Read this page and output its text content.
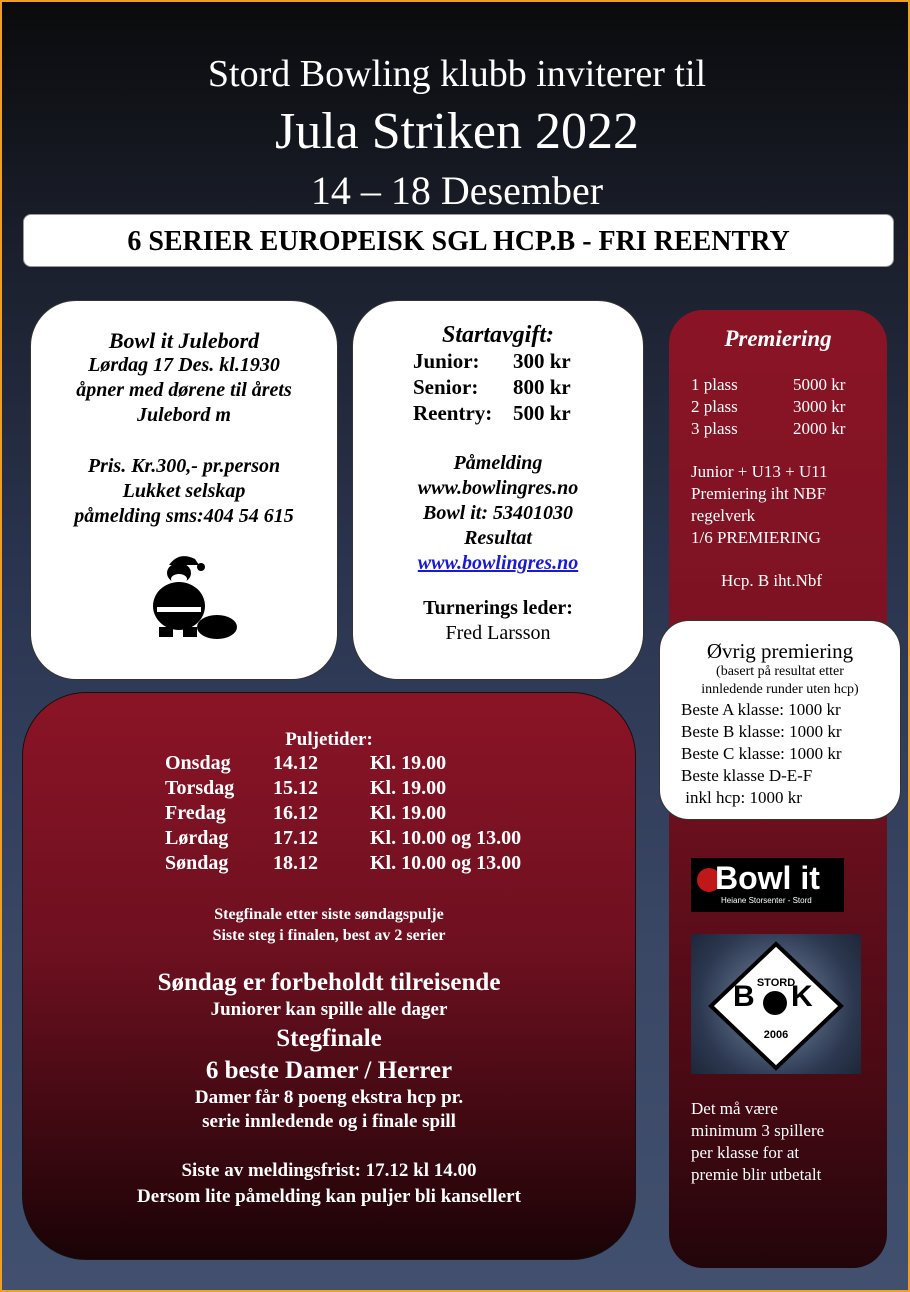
Stord Bowling klubb inviterer til
Jula Striken 2022
14 – 18 Desember
6 SERIER EUROPEISK SGL HCP.B - FRI REENTRY
Bowl it Julebord
Lørdag 17 Des. kl.1930
åpner med dørene til årets
Julebord m
Pris. Kr.300,- pr.person
Lukket selskap
påmelding sms:404 54 615
Startavgift:
Junior:	300 kr
Senior:	800 kr
Reentry: 500 kr
Påmelding
www.bowlingres.no
Bowl it: 53401030
Resultat
www.bowlingres.no
Turnerings leder:
Fred Larsson
Premiering
1 plass	5000 kr
2 plass	3000 kr
3 plass	2000 kr
Junior + U13 + U11
Premiering iht NBF
regelverk
1/6 PREMIERING
Hcp. B iht.Nbf
Bowl it
Heiane Storsenter - Stord
STORD
B K
2006
Det må være
minimum 3 spillere
per klasse for at
premie blir utbetalt
Øvrig premiering
(basert på resultat etter
innledende runder uten hcp)
Beste A klasse: 1000 kr
Beste B klasse: 1000 kr
Beste C klasse: 1000 kr
Beste klasse D-E-F
inkl hcp: 1000 kr
Puljetider:
Onsdag	14.12	Kl. 19.00
Torsdag	15.12	Kl. 19.00
Fredag	16.12	Kl. 19.00
Lørdag	17.12	Kl. 10.00 og 13.00
Søndag	18.12	Kl. 10.00 og 13.00
Stegfinale etter siste søndagspulje
Siste steg i finalen, best av 2 serier
Søndag er forbeholdt tilreisende
Juniorer kan spille alle dager
Stegfinale
6 beste Damer / Herrer
Damer får 8 poeng ekstra hcp pr.
serie innledende og i finale spill
Siste av meldingsfrist: 17.12 kl 14.00
Dersom lite påmelding kan puljer bli kansellert
